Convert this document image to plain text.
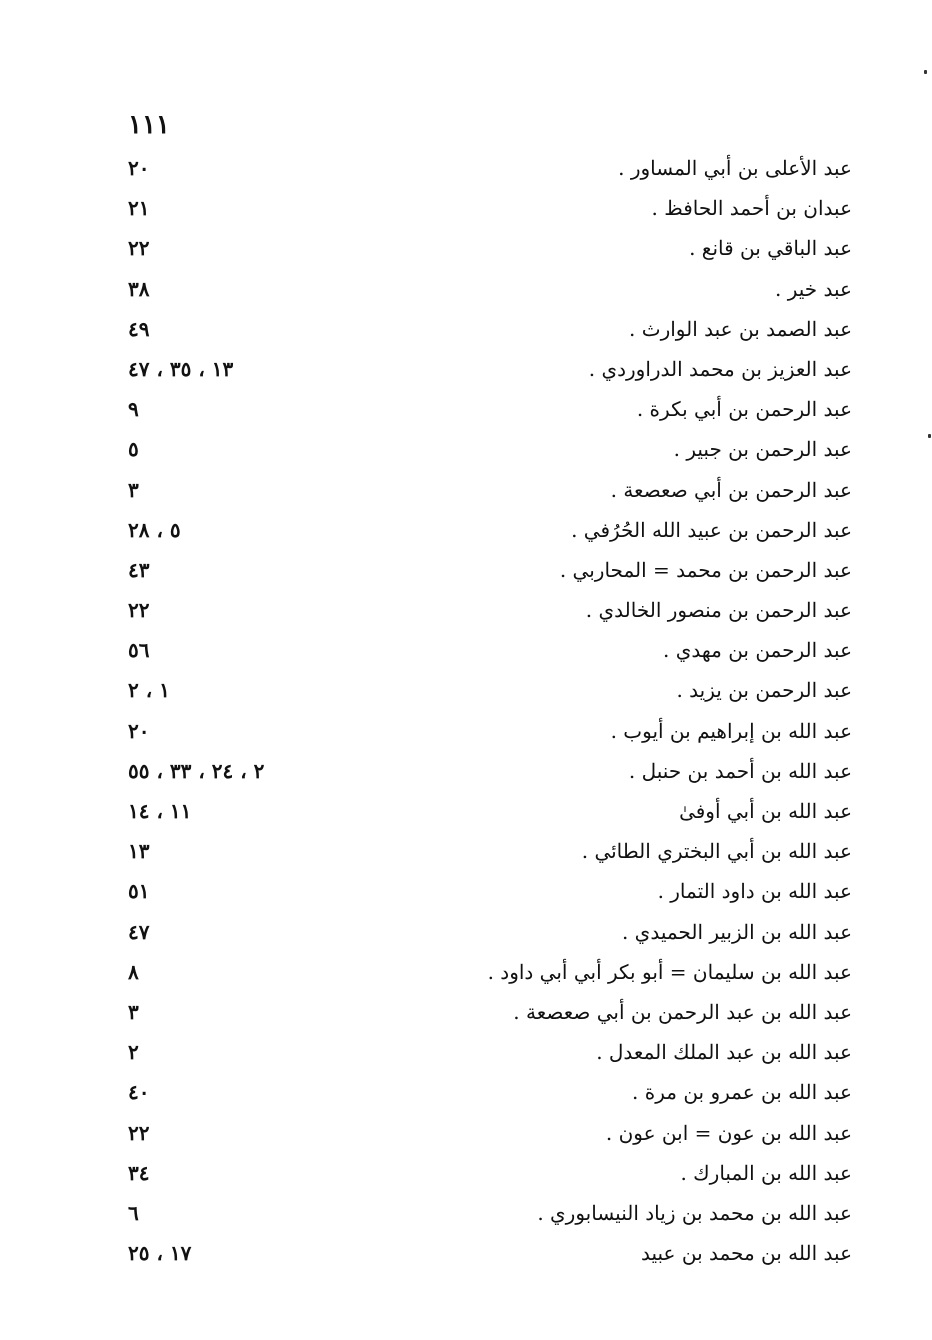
١١١
عبد الأعلى بن أبي المساور .
٢٠
عبدان بن أحمد الحافظ .
٢١
عبد الباقي بن قانع .
٢٢
عبد خير .
٣٨
عبد الصمد بن عبد الوارث .
٤٩
عبد العزيز بن محمد الدراوردي .
١٣ ، ٣٥ ، ٤٧
عبد الرحمن بن أبي بكرة .
٩
عبد الرحمن بن جبير .
٥
عبد الرحمن بن أبي صعصعة .
٣
عبد الرحمن بن عبيد الله الحُرُفي .
٥ ، ٢٨
عبد الرحمن بن محمد = المحاربي .
٤٣
عبد الرحمن بن منصور الخالدي .
٢٢
عبد الرحمن بن مهدي .
٥٦
عبد الرحمن بن يزيد .
١ ، ٢
عبد الله بن إبراهيم بن أيوب .
٢٠
عبد الله بن أحمد بن حنبل .
٢ ، ٢٤ ، ٣٣ ، ٥٥
عبد الله بن أبي أوفىٰ
١١ ، ١٤
عبد الله بن أبي البختري الطائي .
١٣
عبد الله بن داود التمار .
٥١
عبد الله بن الزبير الحميدي .
٤٧
عبد الله بن سليمان = أبو بكر أبي أبي داود .
٨
عبد الله بن عبد الرحمن بن أبي صعصعة .
٣
عبد الله بن عبد الملك المعدل .
٢
عبد الله بن عمرو بن مرة .
٤٠
عبد الله بن عون = ابن عون .
٢٢
عبد الله بن المبارك .
٣٤
عبد الله بن محمد بن زياد النيسابوري .
٦
عبد الله بن محمد بن عبيد
١٧ ، ٢٥
